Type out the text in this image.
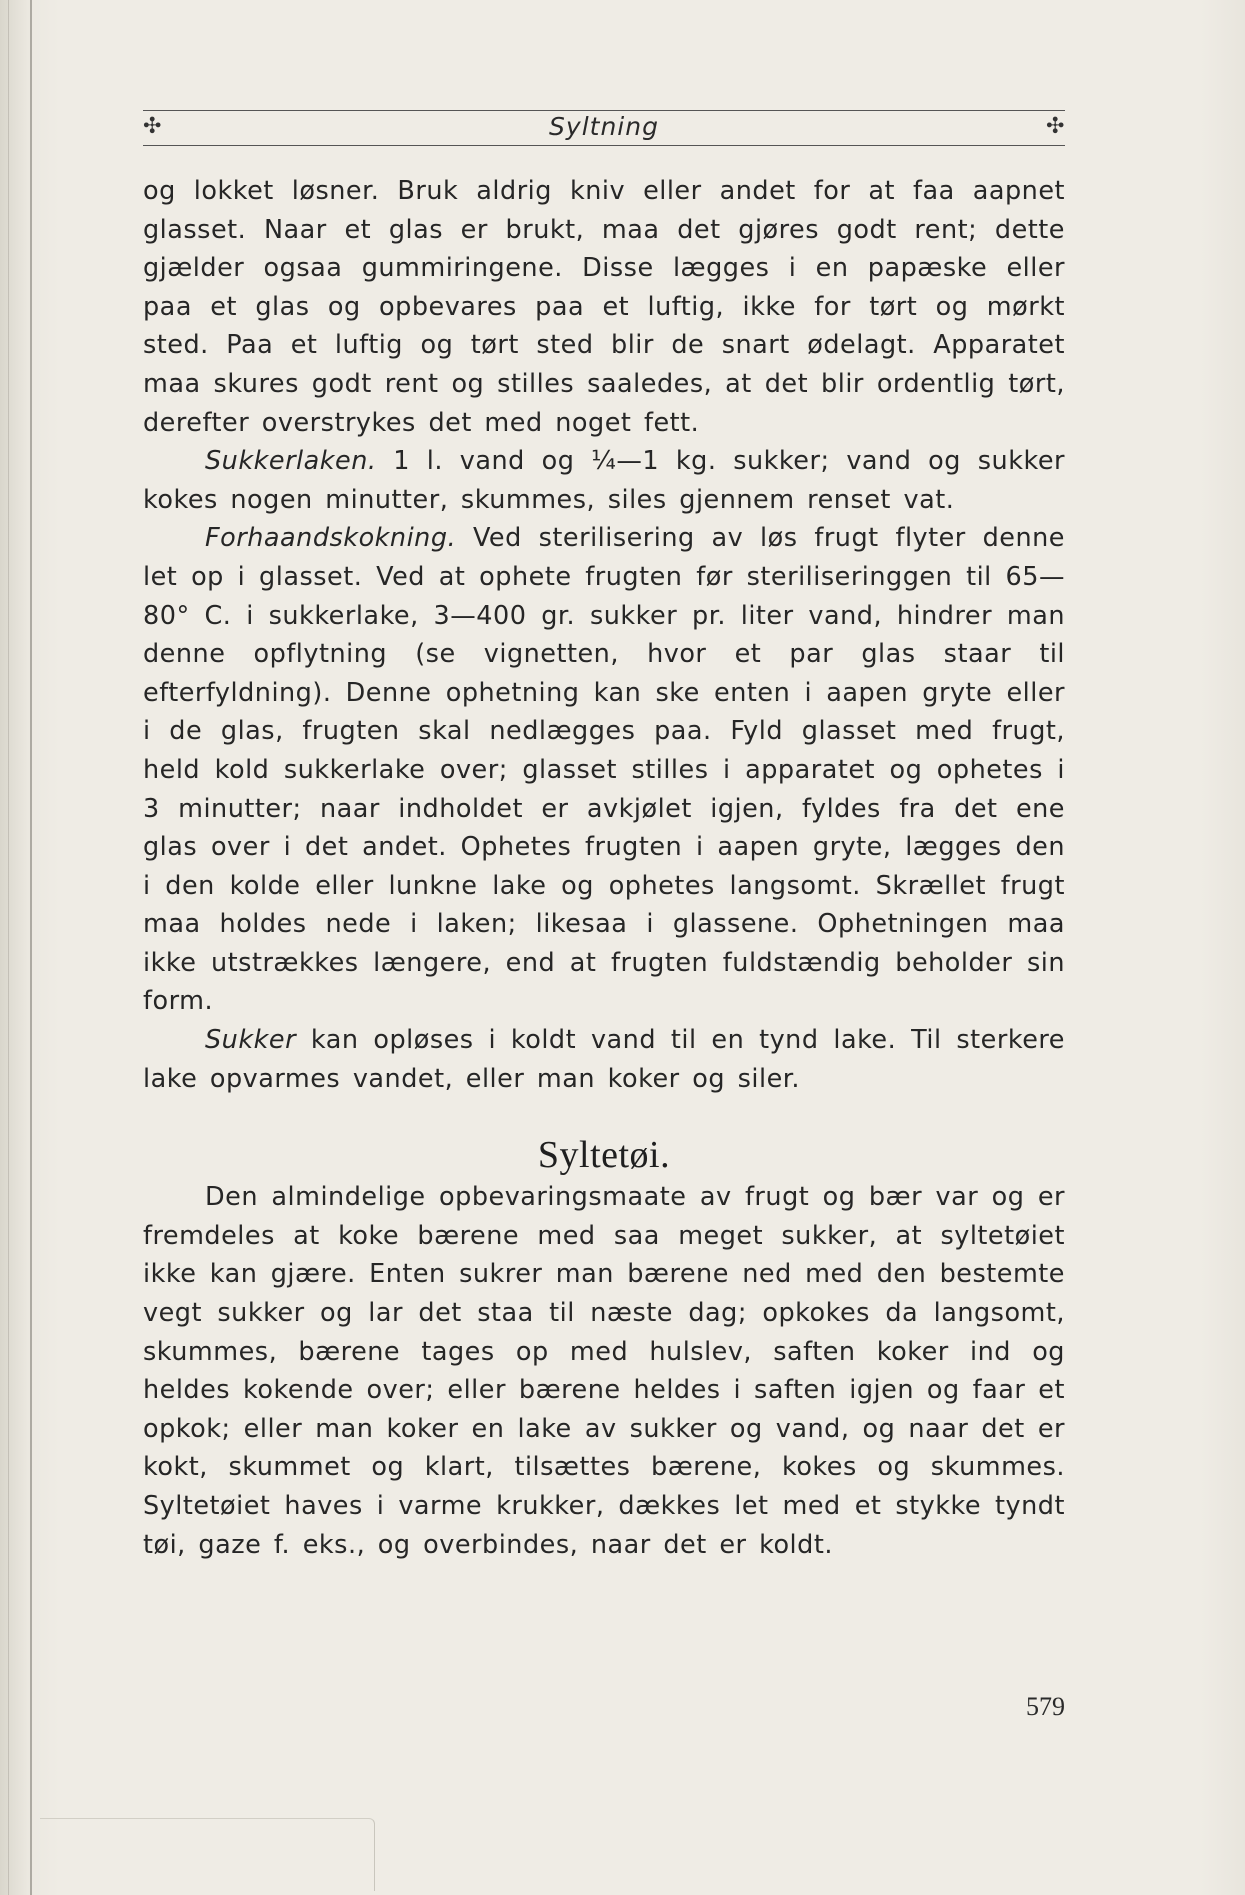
✣	Syltning	✣

og lokket løsner. Bruk aldrig kniv eller andet for at faa aapnet glasset. Naar et glas er brukt, maa det gjøres godt rent; dette gjælder ogsaa gummiringene. Disse lægges i en papæske eller paa et glas og opbevares paa et luftig, ikke for tørt og mørkt sted. Paa et luftig og tørt sted blir de snart ødelagt. Apparatet maa skures godt rent og stilles saaledes, at det blir ordentlig tørt, derefter overstrykes det med noget fett.

Sukkerlaken. 1 l. vand og ¼—1 kg. sukker; vand og sukker kokes nogen minutter, skummes, siles gjennem renset vat.

Forhaandskokning. Ved sterilisering av løs frugt flyter denne let op i glasset. Ved at ophete frugten før steriliseringgen til 65—80° C. i sukkerlake, 3—400 gr. sukker pr. liter vand, hindrer man denne opflytning (se vignetten, hvor et par glas staar til efterfyldning). Denne ophetning kan ske enten i aapen gryte eller i de glas, frugten skal nedlægges paa. Fyld glasset med frugt, held kold sukkerlake over; glasset stilles i apparatet og ophetes i 3 minutter; naar indholdet er avkjølet igjen, fyldes fra det ene glas over i det andet. Ophetes frugten i aapen gryte, lægges den i den kolde eller lunkne lake og ophetes langsomt. Skrællet frugt maa holdes nede i laken; likesaa i glassene. Ophetningen maa ikke utstrækkes længere, end at frugten fuldstændig beholder sin form.

Sukker kan opløses i koldt vand til en tynd lake. Til sterkere lake opvarmes vandet, eller man koker og siler.

Syltetøi.

Den almindelige opbevaringsmaate av frugt og bær var og er fremdeles at koke bærene med saa meget sukker, at syltetøiet ikke kan gjære. Enten sukrer man bærene ned med den bestemte vegt sukker og lar det staa til næste dag; opkokes da langsomt, skummes, bærene tages op med hulslev, saften koker ind og heldes kokende over; eller bærene heldes i saften igjen og faar et opkok; eller man koker en lake av sukker og vand, og naar det er kokt, skummet og klart, tilsættes bærene, kokes og skummes. Syltetøiet haves i varme krukker, dækkes let med et stykke tyndt tøi, gaze f. eks., og overbindes, naar det er koldt.

579
